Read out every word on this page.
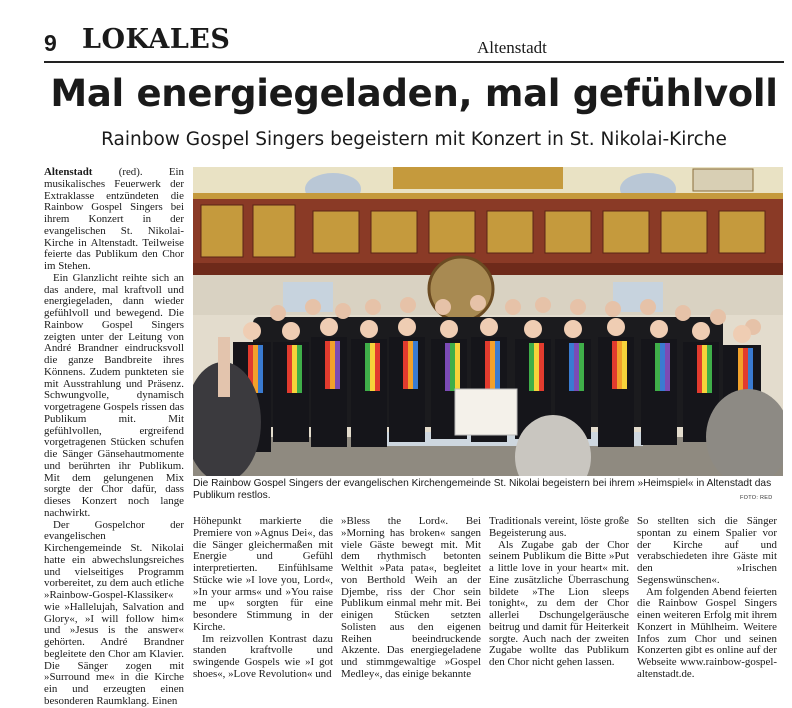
9 LOKALES	Altenstadt
Mal energiegeladen, mal gefühlvoll
Rainbow Gospel Singers begeistern mit Konzert in St. Nikolai-Kirche

Altenstadt (red). Ein musikalisches Feuerwerk der Extraklasse entzündeten die Rainbow Gospel Singers bei ihrem Konzert in der evangelischen St. Nikolai-Kirche in Altenstadt. Teilweise feierte das Publikum den Chor im Stehen.

Ein Glanzlicht reihte sich an das andere, mal kraftvoll und energiegeladen, dann wieder gefühlvoll und bewegend. Die Rainbow Gospel Singers zeigten unter der Leitung von André Brandner eindrucksvoll die ganze Bandbreite ihres Könnens. Zudem punkteten sie mit Ausstrahlung und Präsenz. Schwungvolle, dynamisch vorgetragene Gospels rissen das Publikum mit. Mit gefühlvollen, ergreifend vorgetragenen Stücken schufen die Sänger Gänsehautmomente und berührten ihr Publikum. Mit dem gelungenen Mix sorgte der Chor dafür, dass dieses Konzert noch lange nachwirkt.

Der Gospelchor der evangelischen Kirchengemeinde St. Nikolai hatte ein abwechslungsreiches und vielseitiges Programm vorbereitet, zu dem auch etliche »Rainbow-Gospel-Klassiker« wie »Hallelujah, Salvation and Glory«, »I will follow him« und »Jesus is the answer« gehörten. André Brandner begleitete den Chor am Klavier. Die Sänger zogen mit »Surround me« in die Kirche ein und erzeugten einen besonderen Raumklang. Einen

Die Rainbow Gospel Singers der evangelischen Kirchengemeinde St. Nikolai begeistern bei ihrem »Heimspiel« in Altenstadt das Publikum restlos.	FOTO: RED

Höhepunkt markierte die Premiere von »Agnus Dei«, das die Sänger gleichermaßen mit Energie und Gefühl interpretierten. Einfühlsame Stücke wie »I love you, Lord«, »In your arms« und »You raise me up« sorgten für eine besondere Stimmung in der Kirche.

Im reizvollen Kontrast dazu standen kraftvolle und swingende Gospels wie »I got shoes«, »Love Revolution« und

»Bless the Lord«. Bei »Morning has broken« sangen viele Gäste bewegt mit. Mit dem rhythmisch betonten Welthit »Pata pata«, begleitet von Berthold Weih an der Djembe, riss der Chor sein Publikum einmal mehr mit. Bei einigen Stücken setzten Solisten aus den eigenen Reihen beeindruckende Akzente. Das energiegeladene und stimmgewaltige »Gospel Medley«, das einige bekannte

Traditionals vereint, löste große Begeisterung aus.

Als Zugabe gab der Chor seinem Publikum die Bitte »Put a little love in your heart« mit. Eine zusätzliche Überraschung bildete »The Lion sleeps tonight«, zu dem der Chor allerlei Dschungelgeräusche beitrug und damit für Heiterkeit sorgte. Auch nach der zweiten Zugabe wollte das Publikum den Chor nicht gehen lassen.

So stellten sich die Sänger spontan zu einem Spalier vor der Kirche auf und verabschiedeten ihre Gäste mit den »Irischen Segenswünschen«.

Am folgenden Abend feierten die Rainbow Gospel Singers einen weiteren Erfolg mit ihrem Konzert in Mühlheim. Weitere Infos zum Chor und seinen Konzerten gibt es online auf der Webseite www.rainbow-gospel-altenstadt.de.
